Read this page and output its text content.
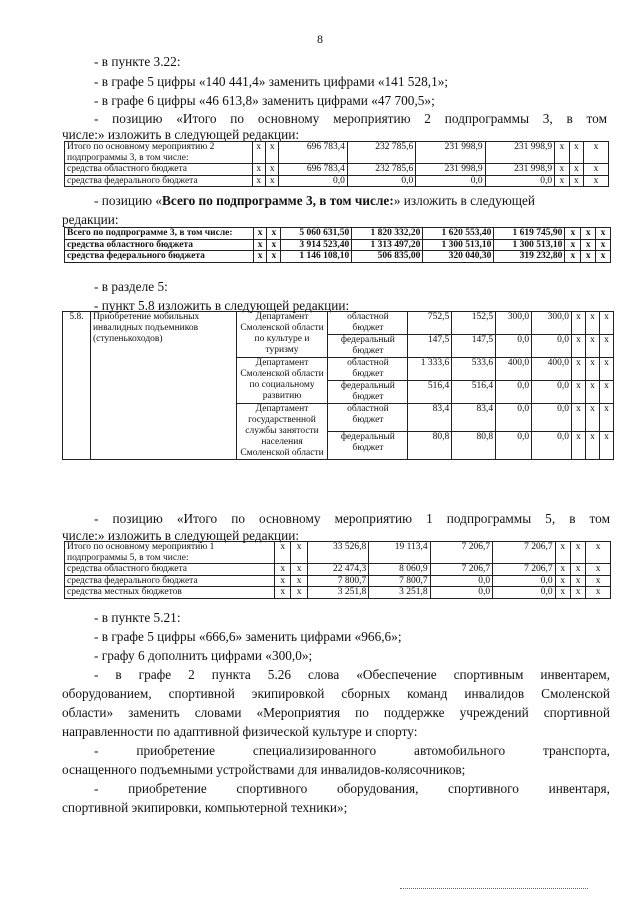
8
- в пункте 3.22:
- в графе 5 цифры «140 441,4» заменить цифрами «141 528,1»;
- в графе 6 цифры «46 613,8» заменить цифрами «47 700,5»;
- позицию «Итого по основному мероприятию 2 подпрограммы 3, в том
числе:» изложить в следующей редакции:
Итого по основному мероприятию 2 подпрограммы 3, в том числе:	x	x	696 783,4	232 785,6	231 998,9	231 998,9	x	x	x
средства областного бюджета	x	x	696 783,4	232 785,6	231 998,9	231 998,9	x	x	x
средства федерального бюджета	x	x	0,0	0,0	0,0	0,0	x	x	x
- позицию «Всего по подпрограмме 3, в том числе:» изложить в следующей
редакции:
Всего по подпрограмме 3, в том числе:	x	x	5 060 631,50	1 820 332,20	1 620 553,40	1 619 745,90	x	x	x
средства областного бюджета	x	x	3 914 523,40	1 313 497,20	1 300 513,10	1 300 513,10	x	x	x
средства федерального бюджета	x	x	1 146 108,10	506 835,00	320 040,30	319 232,80	x	x	x
- в разделе 5:
- пункт 5.8 изложить в следующей редакции:
5.8.	Приобретение мобильных инвалидных подъемников (ступенькоходов)	Департамент Смоленской области по культуре и туризму	областной бюджет	752,5	152,5	300,0	300,0	x	x	x
			федеральный бюджет	147,5	147,5	0,0	0,0	x	x	x
		Департамент Смоленской области по социальному развитию	областной бюджет	1 333,6	533,6	400,0	400,0	x	x	x
			федеральный бюджет	516,4	516,4	0,0	0,0	x	x	x
		Департамент государственной службы занятости населения Смоленской области	областной бюджет	83,4	83,4	0,0	0,0	x	x	x
			федеральный бюджет	80,8	80,8	0,0	0,0	x	x	x
- позицию «Итого по основному мероприятию 1 подпрограммы 5, в том
числе:» изложить в следующей редакции:
Итого по основному мероприятию 1 подпрограммы 5, в том числе:	x	x	33 526,8	19 113,4	7 206,7	7 206,7	x	x	x
средства областного бюджета	x	x	22 474,3	8 060,9	7 206,7	7 206,7	x	x	x
средства федерального бюджета	x	x	7 800,7	7 800,7	0,0	0,0	x	x	x
средства местных бюджетов	x	x	3 251,8	3 251,8	0,0	0,0	x	x	x
- в пункте 5.21:
- в графе 5 цифры «666,6» заменить цифрами «966,6»;
- графу 6 дополнить цифрами «300,0»;
- в графе 2 пункта 5.26 слова «Обеспечение спортивным инвентарем,
оборудованием, спортивной экипировкой сборных команд инвалидов Смоленской
области» заменить словами «Мероприятия по поддержке учреждений спортивной
направленности по адаптивной физической культуре и спорту:
- приобретение специализированного автомобильного транспорта,
оснащенного подъемными устройствами для инвалидов-колясочников;
- приобретение спортивного оборудования, спортивного инвентаря,
спортивной экипировки, компьютерной техники»;
